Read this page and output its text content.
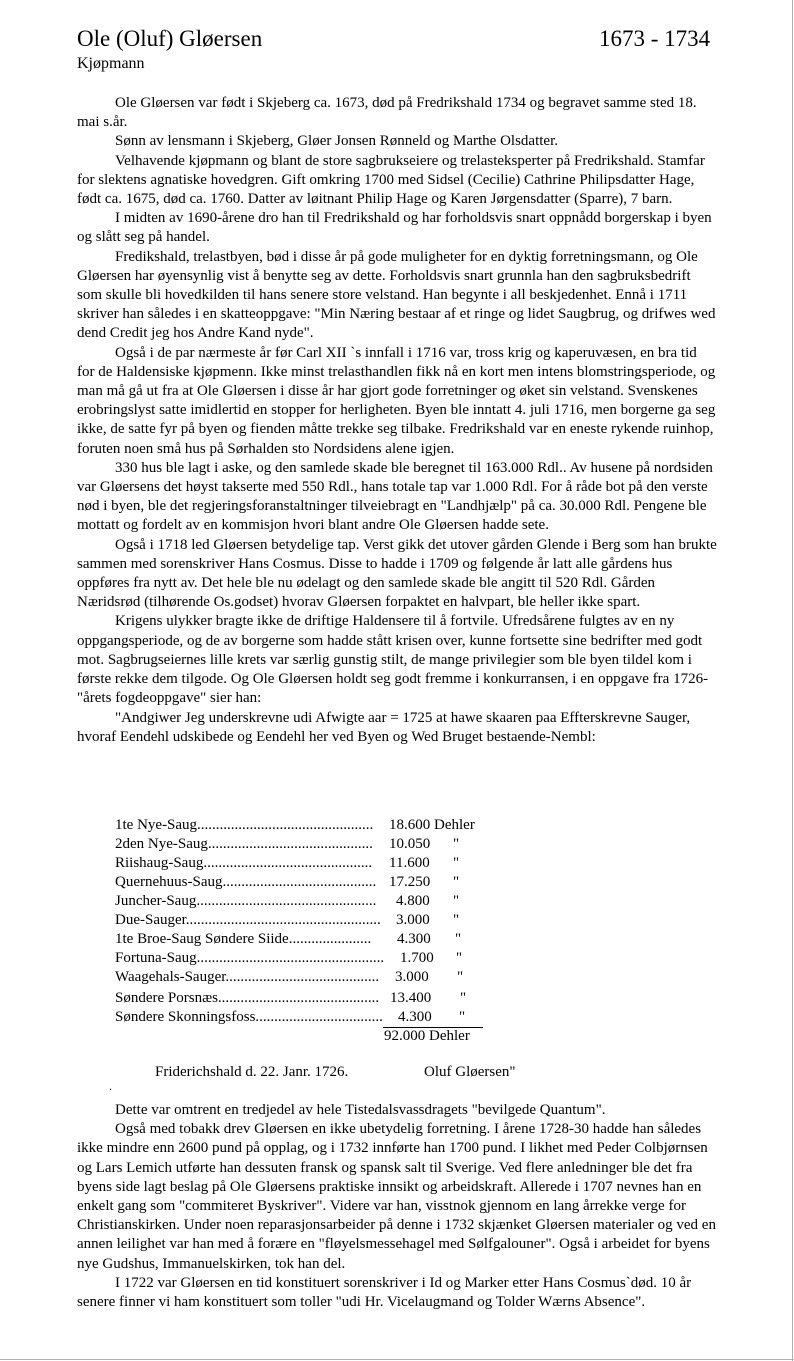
Ole (Oluf) Gløersen	1673 - 1734
Kjøpmann

Ole Gløersen var født i Skjeberg ca. 1673, død på Fredrikshald 1734 og begravet samme sted 18. mai s.år.

Sønn av lensmann i Skjeberg, Gløer Jonsen Rønneld og Marthe Olsdatter.

Velhavende kjøpmann og blant de store sagbrukseiere og trelasteksperter på Fredrikshald. Stamfar for slektens agnatiske hovedgren. Gift omkring 1700 med Sidsel (Cecilie) Cathrine Philipsdatter Hage, født ca. 1675, død ca. 1760. Datter av løitnant Philip Hage og Karen Jørgensdatter (Sparre), 7 barn.

I midten av 1690-årene dro han til Fredrikshald og har forholdsvis snart oppnådd borgerskap i byen og slått seg på handel.

Fredikshald, trelastbyen, bød i disse år på gode muligheter for en dyktig forretningsmann, og Ole Gløersen har øyensynlig vist å benytte seg av dette. Forholdsvis snart grunnla han den sagbruksbedrift som skulle bli hovedkilden til hans senere store velstand. Han begynte i all beskjedenhet. Ennå i 1711 skriver han således i en skatteoppgave: "Min Næring bestaar af et ringe og lidet Saugbrug, og drifwes wed dend Credit jeg hos Andre Kand nyde".

Også i de par nærmeste år før Carl XII `s innfall i 1716 var, tross krig og kaperuvæsen, en bra tid for de Haldensiske kjøpmenn. Ikke minst trelasthandlen fikk nå en kort men intens blomstringsperiode, og man må gå ut fra at Ole Gløersen i disse år har gjort gode forretninger og øket sin velstand. Svenskenes erobringslyst satte imidlertid en stopper for herligheten. Byen ble inntatt 4. juli 1716, men borgerne ga seg ikke, de satte fyr på byen og fienden måtte trekke seg tilbake. Fredrikshald var en eneste rykende ruinhop, foruten noen små hus på Sørhalden sto Nordsidens alene igjen.

330 hus ble lagt i aske, og den samlede skade ble beregnet til 163.000 Rdl.. Av husene på nordsiden var Gløersens det høyst takserte med 550 Rdl., hans totale tap var 1.000 Rdl. For å råde bot på den verste nød i byen, ble det regjeringsforanstaltninger tilveiebragt en "Landhjælp" på ca. 30.000 Rdl. Pengene ble mottatt og fordelt av en kommisjon hvori blant andre Ole Gløersen hadde sete.

Også i 1718 led Gløersen betydelige tap. Verst gikk det utover gården Glende i Berg som han brukte sammen med sorenskriver Hans Cosmus. Disse to hadde i 1709 og følgende år latt alle gårdens hus oppføres fra nytt av. Det hele ble nu ødelagt og den samlede skade ble angitt til 520 Rdl. Gården Næridsrød (tilhørende Os.godset) hvorav Gløersen forpaktet en halvpart, ble heller ikke spart.

Krigens ulykker bragte ikke de driftige Haldensere til å fortvile. Ufredsårene fulgtes av en ny oppgangsperiode, og de av borgerne som hadde stått krisen over, kunne fortsette sine bedrifter med godt mot. Sagbrugseiernes lille krets var særlig gunstig stilt, de mange privilegier som ble byen tildel kom i første rekke dem tilgode. Og Ole Gløersen holdt seg godt fremme i konkurransen, i en oppgave fra 1726-"årets fogdeoppgave" sier han:

"Andgiwer Jeg underskrevne udi Afwigte aar = 1725 at hawe skaaren paa Effterskrevne Sauger, hvoraf Eendehl udskibede og Eendehl her ved Byen og Wed Bruget bestaende-Nembl:

1te Nye-Saug............................................... 18.600 Dehler
2den Nye-Saug............................................ 10.050 "
Riishaug-Saug............................................. 11.600 "
Quernehuus-Saug......................................... 17.250 "
Juncher-Saug................................................ 4.800 "
Due-Sauger.................................................... 3.000 "
1te Broe-Saug Søndere Siide...................... 4.300 "
Fortuna-Saug.................................................. 1.700 "
Waagehals-Sauger......................................... 3.000 "
Søndere Porsnæs........................................... 13.400 "
Søndere Skonningsfoss.................................. 4.300 "
92.000 Dehler
Friderichshald d. 22. Janr. 1726.	Oluf Gløersen"
.

Dette var omtrent en tredjedel av hele Tistedalsvassdragets "bevilgede Quantum".

Også med tobakk drev Gløersen en ikke ubetydelig forretning. I årene 1728-30 hadde han således ikke mindre enn 2600 pund på opplag, og i 1732 innførte han 1700 pund. I likhet med Peder Colbjørnsen og Lars Lemich utførte han dessuten fransk og spansk salt til Sverige. Ved flere anledninger ble det fra byens side lagt beslag på Ole Gløersens praktiske innsikt og arbeidskraft. Allerede i 1707 nevnes han en enkelt gang som "commiteret Byskriver". Videre var han, visstnok gjennom en lang årrekke verge for Christianskirken. Under noen reparasjonsarbeider på denne i 1732 skjænket Gløersen materialer og ved en annen leilighet var han med å forære en "fløyelsmessehagel med Sølfgalouner". Også i arbeidet for byens nye Gudshus, Immanuelskirken, tok han del.

I 1722 var Gløersen en tid konstituert sorenskriver i Id og Marker etter Hans Cosmus`død. 10 år senere finner vi ham konstituert som toller "udi Hr. Vicelaugmand og Tolder Wærns Absence".
